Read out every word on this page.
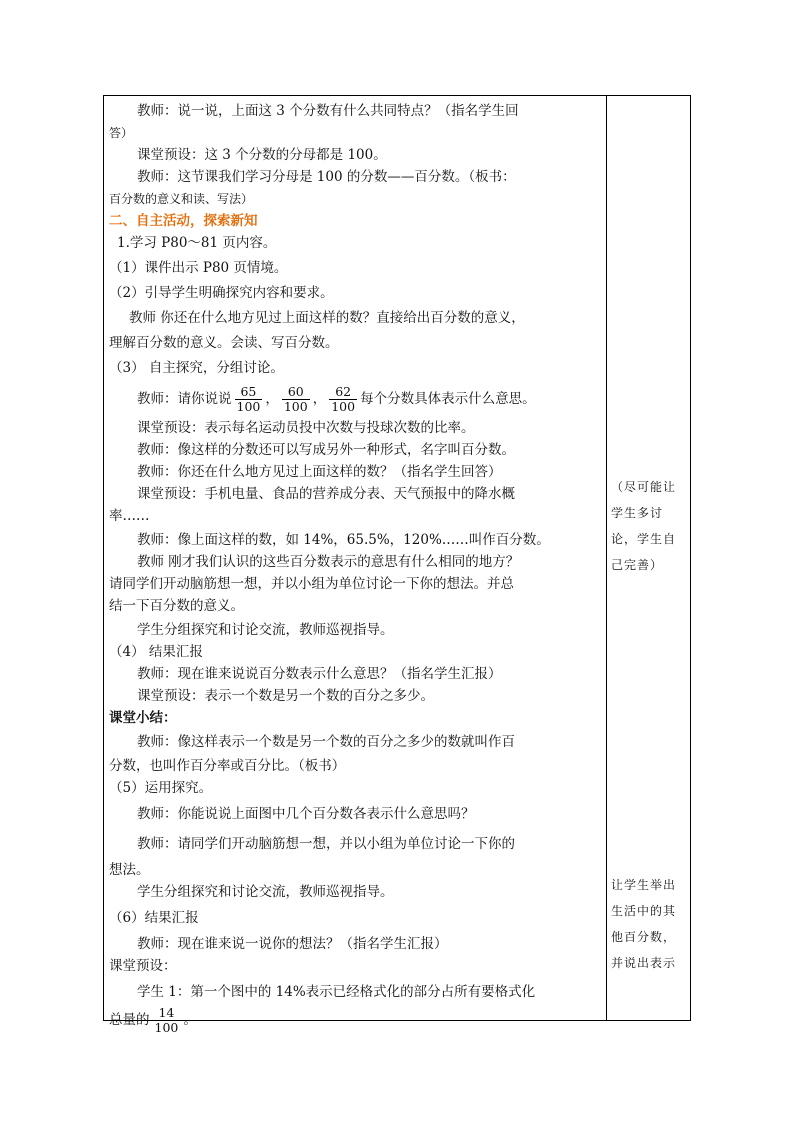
教师：说一说，上面这 3 个分数有什么共同特点？（指名学生回

答）

课堂预设：这 3 个分数的分母都是 100。

教师：这节课我们学习分母是 100 的分数——百分数。（板书：

百分数的意义和读、写法）

二、自主活动，探索新知

1.学习 P80～81 页内容。

（1）课件出示 P80 页情境。

（2）引导学生明确探究内容和要求。

教师 你还在什么地方见过上面这样的数？直接给出百分数的意义，

理解百分数的意义。会读、写百分数。

（3） 自主探究，分组讨论。

教师：请你说说 $\frac{65}{100}$ ， $\frac{60}{100}$ ， $\frac{62}{100}$ 每个分数具体表示什么意思。

课堂预设：表示每名运动员投中次数与投球次数的比率。

教师：像这样的分数还可以写成另外一种形式，名字叫百分数。

教师：你还在什么地方见过上面这样的数？（指名学生回答）

课堂预设：手机电量、食品的营养成分表、天气预报中的降水概

率……

教师：像上面这样的数，如 14%，65.5%，120%……叫作百分数。

教师 刚才我们认识的这些百分数表示的意思有什么相同的地方？

请同学们开动脑筋想一想，并以小组为单位讨论一下你的想法。并总

结一下百分数的意义。

学生分组探究和讨论交流，教师巡视指导。

（4） 结果汇报

教师：现在谁来说说百分数表示什么意思？（指名学生汇报）

课堂预设：表示一个数是另一个数的百分之多少。

课堂小结：

教师：像这样表示一个数是另一个数的百分之多少的数就叫作百

分数，也叫作百分率或百分比。（板书）

（5）运用探究。

教师：你能说说上面图中几个百分数各表示什么意思吗？

教师：请同学们开动脑筋想一想，并以小组为单位讨论一下你的

想法。

学生分组探究和讨论交流，教师巡视指导。

（6）结果汇报

教师：现在谁来说一说你的想法？（指名学生汇报）

课堂预设：

学生 1：第一个图中的 14%表示已经格式化的部分占所有要格式化

总量的 $\frac{14}{100}$ 。

（尽可能让学生多讨论，学生自己完善）

让学生举出生活中的其他百分数，并说出表示
